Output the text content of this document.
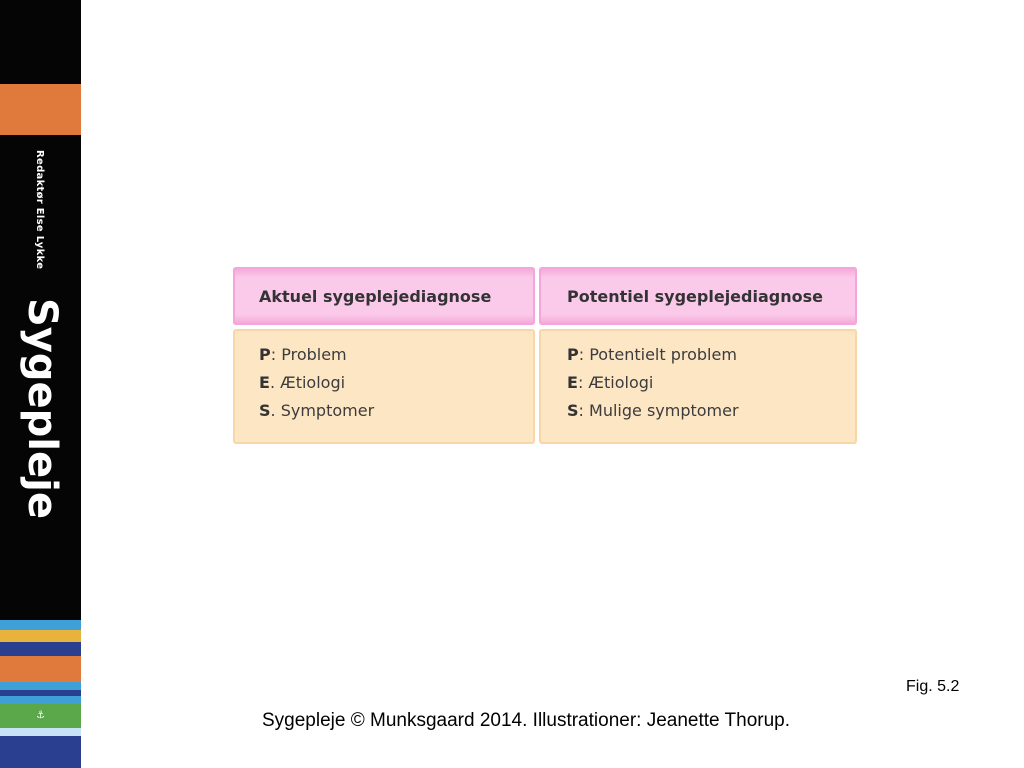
Redaktør Else Lykke
Sygepleje
⚓
Aktuel sygeplejediagnose
P: Problem
E. Ætiologi
S. Symptomer
Potentiel sygeplejediagnose
P: Potentielt problem
E: Ætiologi
S: Mulige symptomer
Fig. 5.2
Sygepleje © Munksgaard 2014. Illustrationer: Jeanette Thorup.
